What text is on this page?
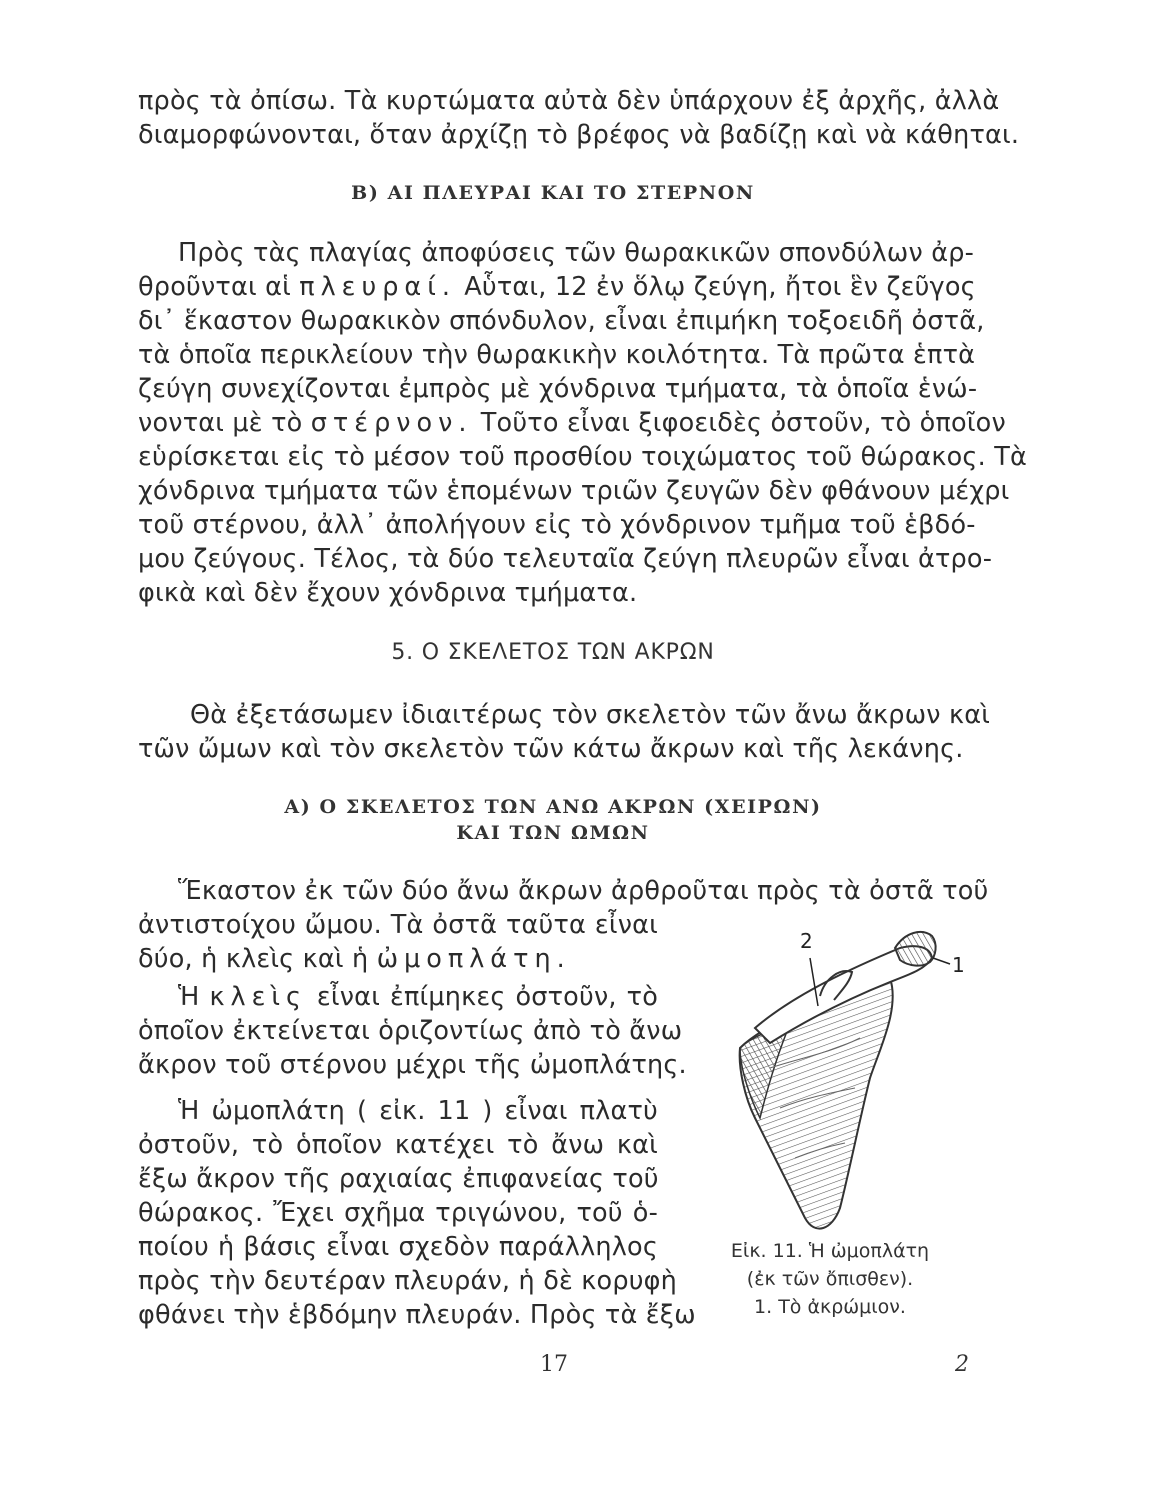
πρὸς τὰ ὀπίσω. Τὰ κυρτώματα αὐτὰ δὲν ὑπάρχουν ἐξ ἀρχῆς, ἀλλὰ
διαμορφώνονται, ὅταν ἀρχίζῃ τὸ βρέφος νὰ βαδίζῃ καὶ νὰ κάθηται.
B) ΑΙ ΠΛΕΥΡΑΙ ΚΑΙ ΤΟ ΣΤΕΡΝΟΝ
Πρὸς τὰς πλαγίας ἀποφύσεις τῶν θωρακικῶν σπονδύλων ἀρ-
θροῦνται αἱ πλευραί. Αὗται, 12 ἐν ὅλῳ ζεύγη, ἤτοι ἓν ζεῦγος
δι᾽ ἕκαστον θωρακικὸν σπόνδυλον, εἶναι ἐπιμήκη τοξοειδῆ ὀστᾶ,
τὰ ὁποῖα περικλείουν τὴν θωρακικὴν κοιλότητα. Τὰ πρῶτα ἑπτὰ
ζεύγη συνεχίζονται ἐμπρὸς μὲ χόνδρινα τμήματα, τὰ ὁποῖα ἑνώ-
νονται μὲ τὸ στέρνον. Τοῦτο εἶναι ξιφοειδὲς ὀστοῦν, τὸ ὁποῖον
εὑρίσκεται εἰς τὸ μέσον τοῦ προσθίου τοιχώματος τοῦ θώρακος. Τὰ
χόνδρινα τμήματα τῶν ἑπομένων τριῶν ζευγῶν δὲν φθάνουν μέχρι
τοῦ στέρνου, ἀλλ᾽ ἀπολήγουν εἰς τὸ χόνδρινον τμῆμα τοῦ ἑβδό-
μου ζεύγους. Τέλος, τὰ δύο τελευταῖα ζεύγη πλευρῶν εἶναι ἀτρο-
φικὰ καὶ δὲν ἔχουν χόνδρινα τμήματα.
5. Ο ΣΚΕΛΕΤΟΣ ΤΩΝ ΑΚΡΩΝ
Θὰ ἐξετάσωμεν ἰδιαιτέρως τὸν σκελετὸν τῶν ἄνω ἄκρων καὶ
τῶν ὤμων καὶ τὸν σκελετὸν τῶν κάτω ἄκρων καὶ τῆς λεκάνης.
Α) Ο ΣΚΕΛΕΤΟΣ ΤΩΝ ΑΝΩ ΑΚΡΩΝ (ΧΕΙΡΩΝ)
ΚΑΙ ΤΩΝ ΩΜΩΝ
Ἕκαστον ἐκ τῶν δύο ἄνω ἄκρων ἀρθροῦται πρὸς τὰ ὀστᾶ τοῦ
ἀντιστοίχου ὤμου. Τὰ ὀστᾶ ταῦτα εἶναι
δύο, ἡ κλεὶς καὶ ἡ ὠμοπλάτη.
Ἡ κλεὶς εἶναι ἐπίμηκες ὀστοῦν, τὸ
ὁποῖον ἐκτείνεται ὁριζοντίως ἀπὸ τὸ ἄνω
ἄκρον τοῦ στέρνου μέχρι τῆς ὠμοπλάτης.
Ἡ ὠμοπλάτη ( εἰκ. 11 ) εἶναι πλατὺ
ὀστοῦν, τὸ ὁποῖον κατέχει τὸ ἄνω καὶ
ἔξω ἄκρον τῆς ραχιαίας ἐπιφανείας τοῦ
θώρακος. Ἔχει σχῆμα τριγώνου, τοῦ ὁ-
ποίου ἡ βάσις εἶναι σχεδὸν παράλληλος
πρὸς τὴν δευτέραν πλευράν, ἡ δὲ κορυφὴ
φθάνει τὴν ἑβδόμην πλευράν. Πρὸς τὰ ἔξω
2
1
Εἰκ. 11. Ἡ ὠμοπλάτη
(ἐκ τῶν ὄπισθεν).
1. Τὸ ἀκρώμιον.
17	2
